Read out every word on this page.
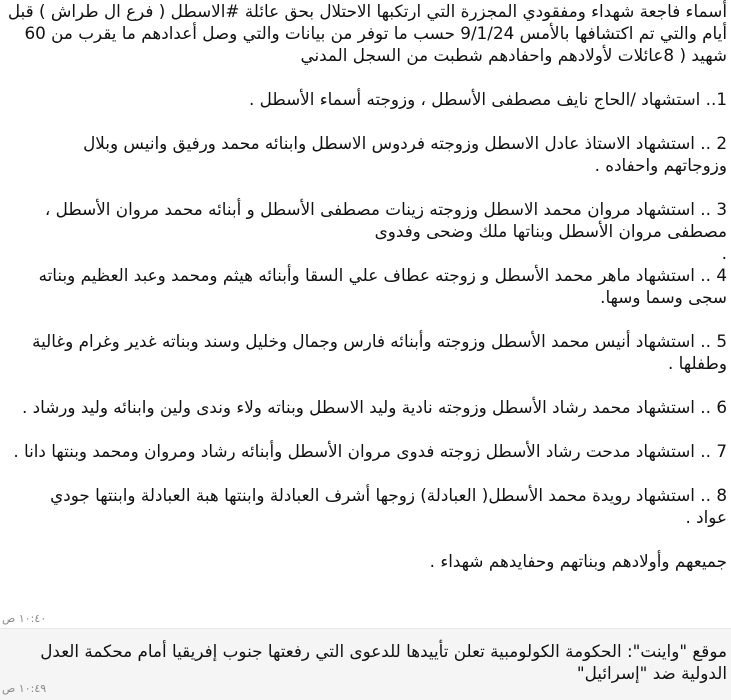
أسماء فاجعة شهداء ومفقودي المجزرة التي ارتكبها الاحتلال بحق عائلة #الاسطل ( فرع ال طراش ) قبل
أيام والتي تم اكتشافها بالأمس 9/1/24 حسب ما توفر من بيانات والتي وصل أعدادهم ما يقرب من 60
شهيد ( 8عائلات لأولادهم واحفادهم شطبت من السجل المدني
1.. استشهاد /الحاج نايف مصطفى الأسطل ، وزوجته أسماء الأسطل .
2 .. استشهاد الاستاذ عادل الاسطل وزوجته فردوس الاسطل وابنائه محمد ورفيق وانيس وبلال
وزوجاتهم واحفاده .
3 .. استشهاد مروان محمد الاسطل وزوجته زينات مصطفى الأسطل و أبنائه محمد مروان الأسطل ،
مصطفى مروان الأسطل وبناتها ملك وضحى وفدوى
.
4 .. استشهاد ماهر محمد الأسطل و زوجته عطاف علي السقا وأبنائه هيثم ومحمد وعبد العظيم وبناته
سجى وسما وسها.
5 .. استشهاد أنيس محمد الأسطل وزوجته وأبنائه فارس وجمال وخليل وسند وبناته غدير وغرام وغالية
وطفلها .
6 .. استشهاد محمد رشاد الأسطل وزوجته نادية وليد الاسطل وبناته ولاء وندى ولين وابنائه وليد ورشاد .
7 .. استشهاد مدحت رشاد الأسطل زوجته فدوى مروان الأسطل وأبنائه رشاد ومروان ومحمد وبنتها دانا .
8 .. استشهاد رويدة محمد الأسطل( العبادلة) زوجها أشرف العبادلة وابنتها هبة العبادلة وابنتها جودي
عواد .
جميعهم وأولادهم وبناتهم وحفايدهم شهداء .
١٠:٤٠ ص
موقع "واينت": الحكومة الكولومبية تعلن تأييدها للدعوى التي رفعتها جنوب إفريقيا أمام محكمة العدل
الدولية ضد "إسرائيل"
١٠:٤٩ ص
